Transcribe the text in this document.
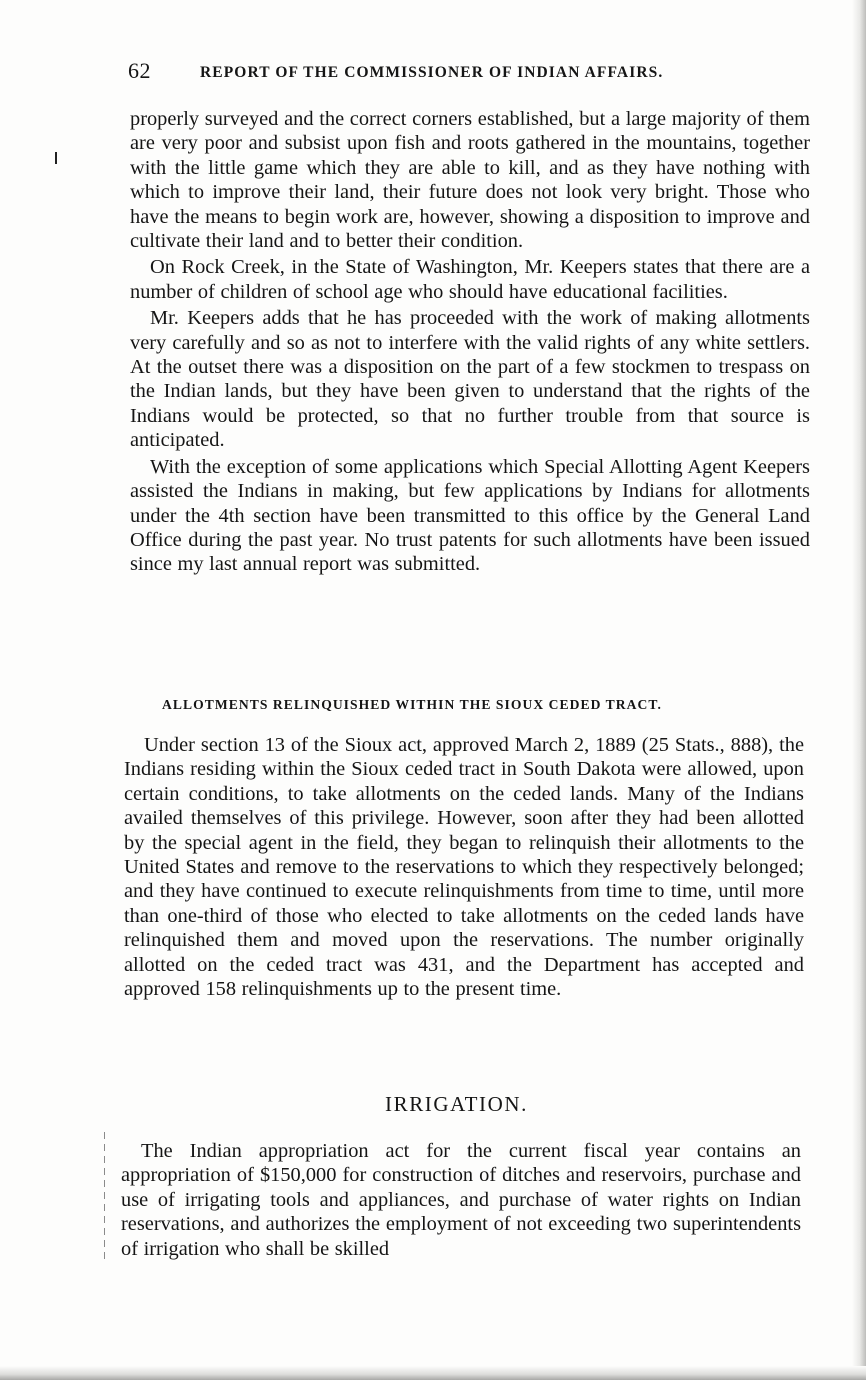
62	REPORT OF THE COMMISSIONER OF INDIAN AFFAIRS.

properly surveyed and the correct corners established, but a large majority of them are very poor and subsist upon fish and roots gathered in the mountains, together with the little game which they are able to kill, and as they have nothing with which to improve their land, their future does not look very bright. Those who have the means to begin work are, however, showing a disposition to improve and cultivate their land and to better their condition.

On Rock Creek, in the State of Washington, Mr. Keepers states that there are a number of children of school age who should have educational facilities.

Mr. Keepers adds that he has proceeded with the work of making allotments very carefully and so as not to interfere with the valid rights of any white settlers. At the outset there was a disposition on the part of a few stockmen to trespass on the Indian lands, but they have been given to understand that the rights of the Indians would be protected, so that no further trouble from that source is anticipated.

With the exception of some applications which Special Allotting Agent Keepers assisted the Indians in making, but few applications by Indians for allotments under the 4th section have been transmitted to this office by the General Land Office during the past year. No trust patents for such allotments have been issued since my last annual report was submitted.

ALLOTMENTS RELINQUISHED WITHIN THE SIOUX CEDED TRACT.

Under section 13 of the Sioux act, approved March 2, 1889 (25 Stats., 888), the Indians residing within the Sioux ceded tract in South Dakota were allowed, upon certain conditions, to take allotments on the ceded lands. Many of the Indians availed themselves of this privilege. However, soon after they had been allotted by the special agent in the field, they began to relinquish their allotments to the United States and remove to the reservations to which they respectively belonged; and they have continued to execute relinquishments from time to time, until more than one-third of those who elected to take allotments on the ceded lands have relinquished them and moved upon the reservations. The number originally allotted on the ceded tract was 431, and the Department has accepted and approved 158 relinquishments up to the present time.

IRRIGATION.

The Indian appropriation act for the current fiscal year contains an appropriation of $150,000 for construction of ditches and reservoirs, purchase and use of irrigating tools and appliances, and purchase of water rights on Indian reservations, and authorizes the employment of not exceeding two superintendents of irrigation who shall be skilled
